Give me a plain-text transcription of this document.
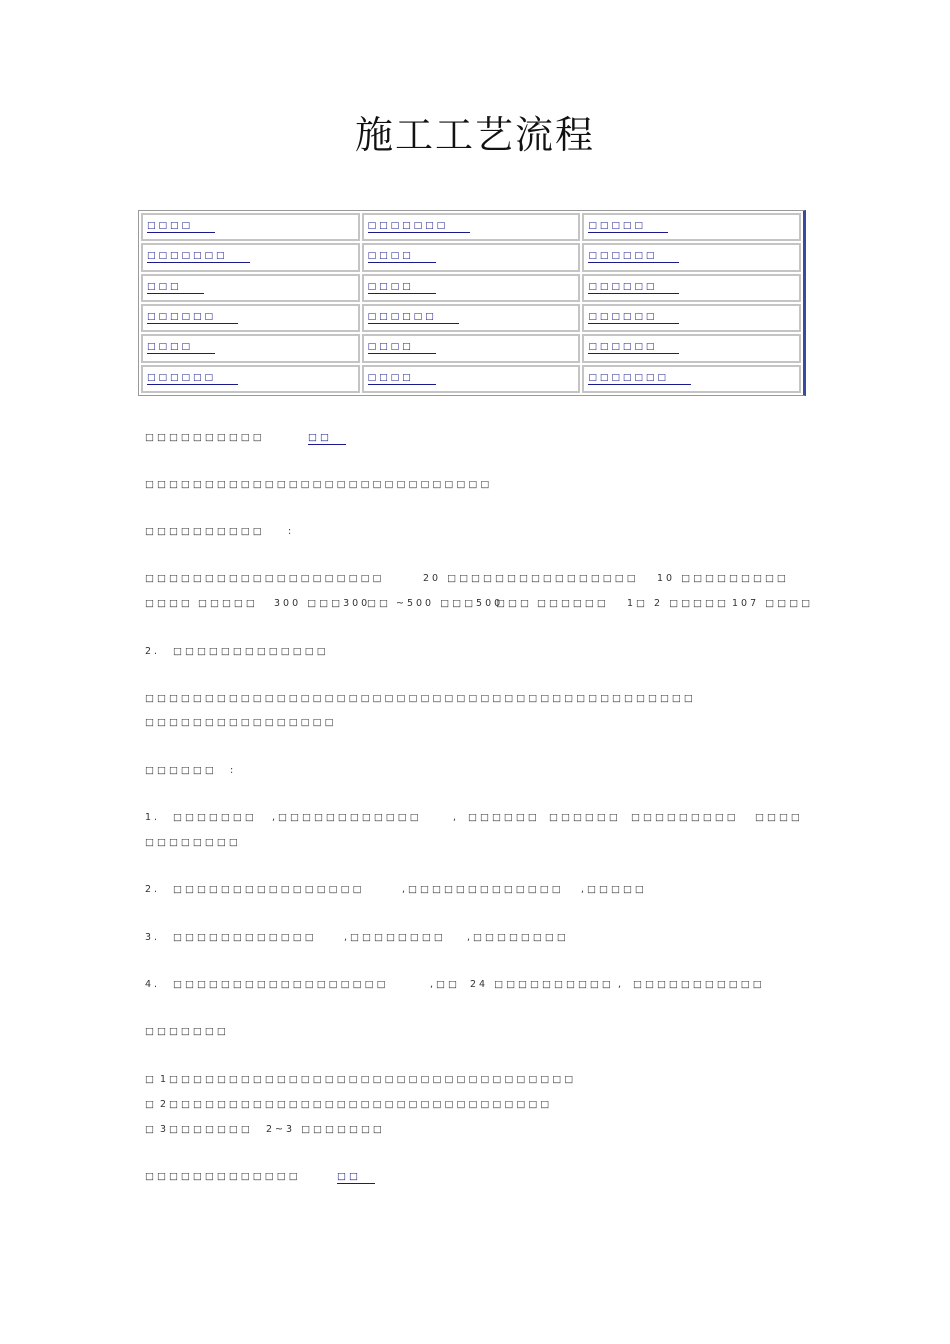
施工工艺流程
□□□□	□□□□□□□	□□□□□
□□□□□□□	□□□□	□□□□□□
□□□	□□□□	□□□□□□
□□□□□□	□□□□□□	□□□□□□
□□□□	□□□□	□□□□□□
□□□□□□	□□□□	□□□□□□□
□□□□□□□□□□	□□
□□□□□□□□□□□□□□□□□□□□□□□□□□□□□
□□□□□□□□□□ :
□□□□□□□□□□□□□□□□□□□□	20 □□□□□□□□□□□□□□□□ 10 □□□□□□□□□
□□□□ □□□□□ 300 □□□300
□□ ~500 □□□500
□□□ □□□□□□ 1□ 2 □□□□□ 107 □□□□
2. □□□□□□□□□□□□□
□□□□□□□□□□□□□□□□□□□□□□□□□□□□□□□□□□□□□□□□□□□□□□
□□□□□□□□□□□□□□□□
□□□□□□ :
1. □□□□□□□ ,□□□□□□□□□□□□	, □□□□□□ □□□□□□ □□□□□□□□□ □□□□
□□□□□□□□
2. □□□□□□□□□□□□□□□□	,□□□□□□□□□□□□□ ,□□□□□
3. □□□□□□□□□□□□	,□□□□□□□□ ,□□□□□□□□
4. □□□□□□□□□□□□□□□□□□	,□□ 24 □□□□□□□□□□ , □□□□□□□□□□□
□□□□□□□
□ 1□□□□□□□□□□□□□□□□□□□□□□□□□□□□□□□□□□
□ 2□□□□□□□□□□□□□□□□□□□□□□□□□□□□□□□□
□ 3□□□□□□□ 2~3 □□□□□□□
□□□□□□□□□□□□□	□□
